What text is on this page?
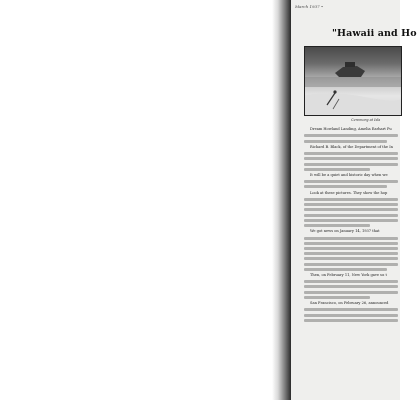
March 1937 •
"Hawaii and Ho
Ceremony at Isla
Dream Howland Landing, Amelia Earhart Pu
Richard B. Black, of the Department of the In
It will be a quiet and historic day when we
Look at these pictures. They show the hop
We got news on January 14, 1937 that
Then, on February 11, New York gave us t
San Francisco, on February 26, announced
